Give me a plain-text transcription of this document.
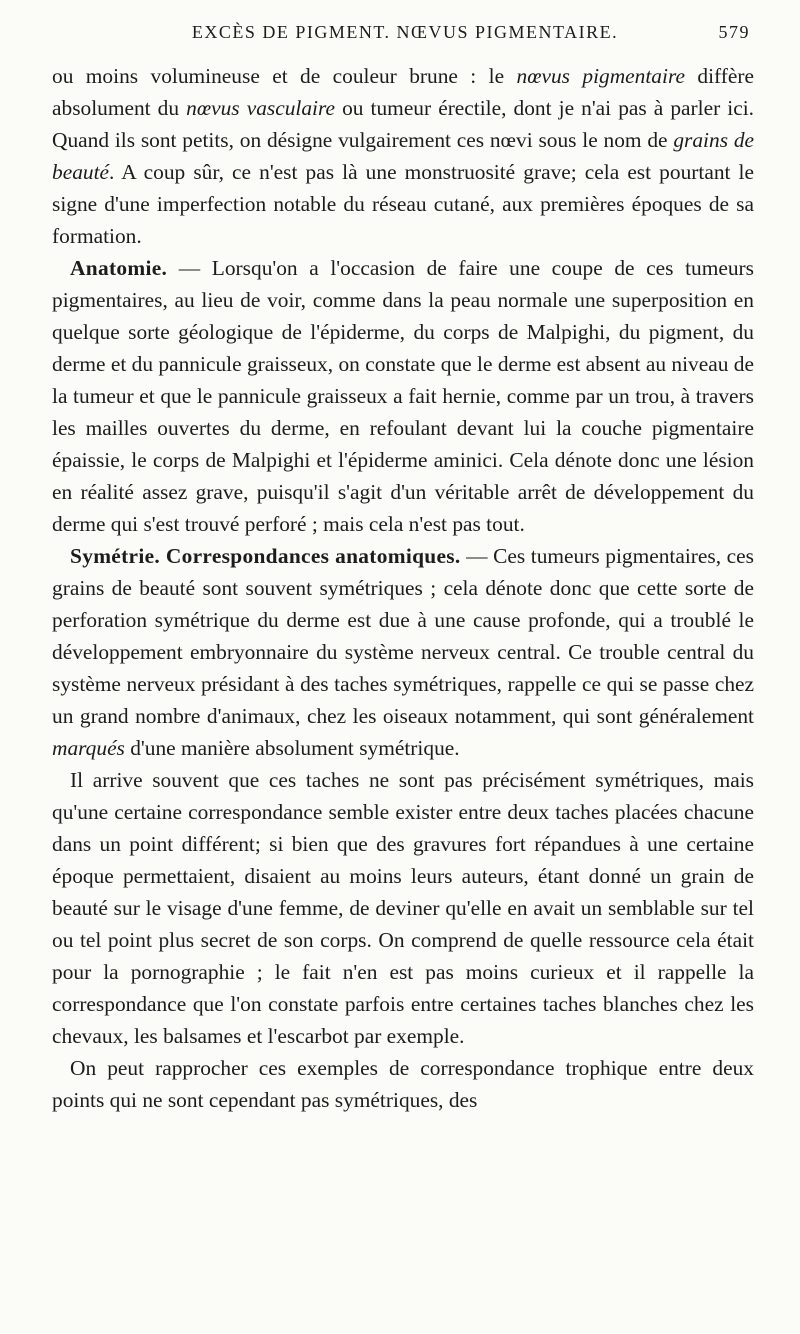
EXCÈS DE PIGMENT. NŒVUS PIGMENTAIRE.	579

ou moins volumineuse et de couleur brune : le nœvus pigmentaire diffère absolument du nœvus vasculaire ou tumeur érectile, dont je n'ai pas à parler ici. Quand ils sont petits, on désigne vulgairement ces nœvi sous le nom de grains de beauté. A coup sûr, ce n'est pas là une monstruosité grave; cela est pourtant le signe d'une imperfection notable du réseau cutané, aux premières époques de sa formation.

Anatomie. — Lorsqu'on a l'occasion de faire une coupe de ces tumeurs pigmentaires, au lieu de voir, comme dans la peau normale une superposition en quelque sorte géologique de l'épiderme, du corps de Malpighi, du pigment, du derme et du pannicule graisseux, on constate que le derme est absent au niveau de la tumeur et que le pannicule graisseux a fait hernie, comme par un trou, à travers les mailles ouvertes du derme, en refoulant devant lui la couche pigmentaire épaissie, le corps de Malpighi et l'épiderme aminici. Cela dénote donc une lésion en réalité assez grave, puisqu'il s'agit d'un véritable arrêt de développement du derme qui s'est trouvé perforé ; mais cela n'est pas tout.

Symétrie. Correspondances anatomiques. — Ces tumeurs pigmentaires, ces grains de beauté sont souvent symétriques ; cela dénote donc que cette sorte de perforation symétrique du derme est due à une cause profonde, qui a troublé le développement embryonnaire du système nerveux central. Ce trouble central du système nerveux présidant à des taches symétriques, rappelle ce qui se passe chez un grand nombre d'animaux, chez les oiseaux notamment, qui sont généralement marqués d'une manière absolument symétrique.

Il arrive souvent que ces taches ne sont pas précisément symétriques, mais qu'une certaine correspondance semble exister entre deux taches placées chacune dans un point différent; si bien que des gravures fort répandues à une certaine époque permettaient, disaient au moins leurs auteurs, étant donné un grain de beauté sur le visage d'une femme, de deviner qu'elle en avait un semblable sur tel ou tel point plus secret de son corps. On comprend de quelle ressource cela était pour la pornographie ; le fait n'en est pas moins curieux et il rappelle la correspondance que l'on constate parfois entre certaines taches blanches chez les chevaux, les balsames et l'escarbot par exemple.

On peut rapprocher ces exemples de correspondance trophique entre deux points qui ne sont cependant pas symétriques, des
